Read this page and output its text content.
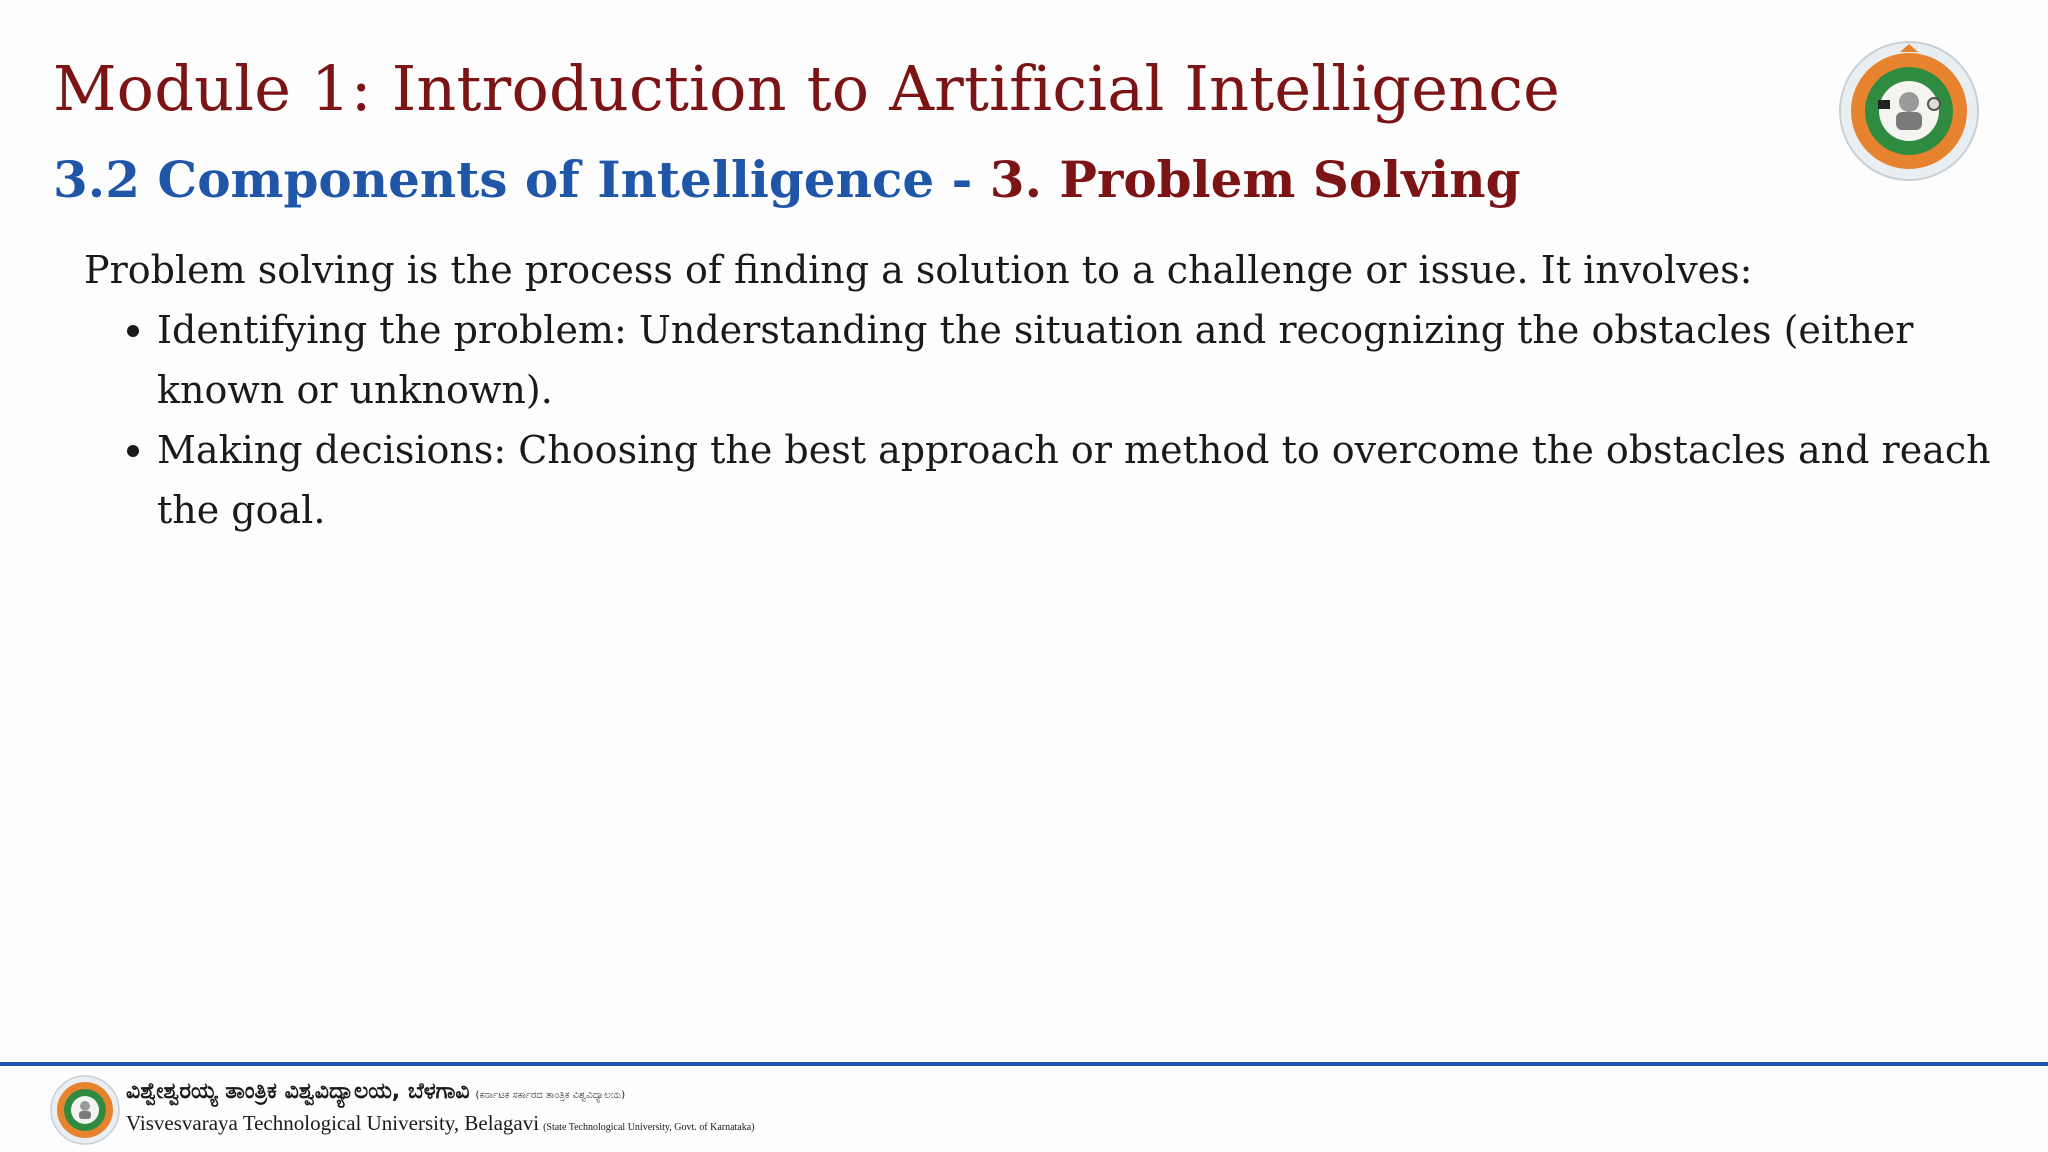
Module 1: Introduction to Artificial Intelligence
3.2 Components of Intelligence - 3. Problem Solving

Problem solving is the process of finding a solution to a challenge or issue. It involves:

Identifying the problem: Understanding the situation and recognizing the obstacles (either known or unknown).
Making decisions: Choosing the best approach or method to overcome the obstacles and reach the goal.
ವಿಶ್ವೇಶ್ವರಯ್ಯ ತಾಂತ್ರಿಕ ವಿಶ್ವವಿದ್ಯಾಲಯ, ಬೆಳಗಾವಿ (ಕರ್ನಾಟಕ ಸರ್ಕಾರದ ತಾಂತ್ರಿಕ ವಿಶ್ವವಿದ್ಯಾಲಯ)
Visvesvaraya Technological University, Belagavi (State Technological University, Govt. of Karnataka)
